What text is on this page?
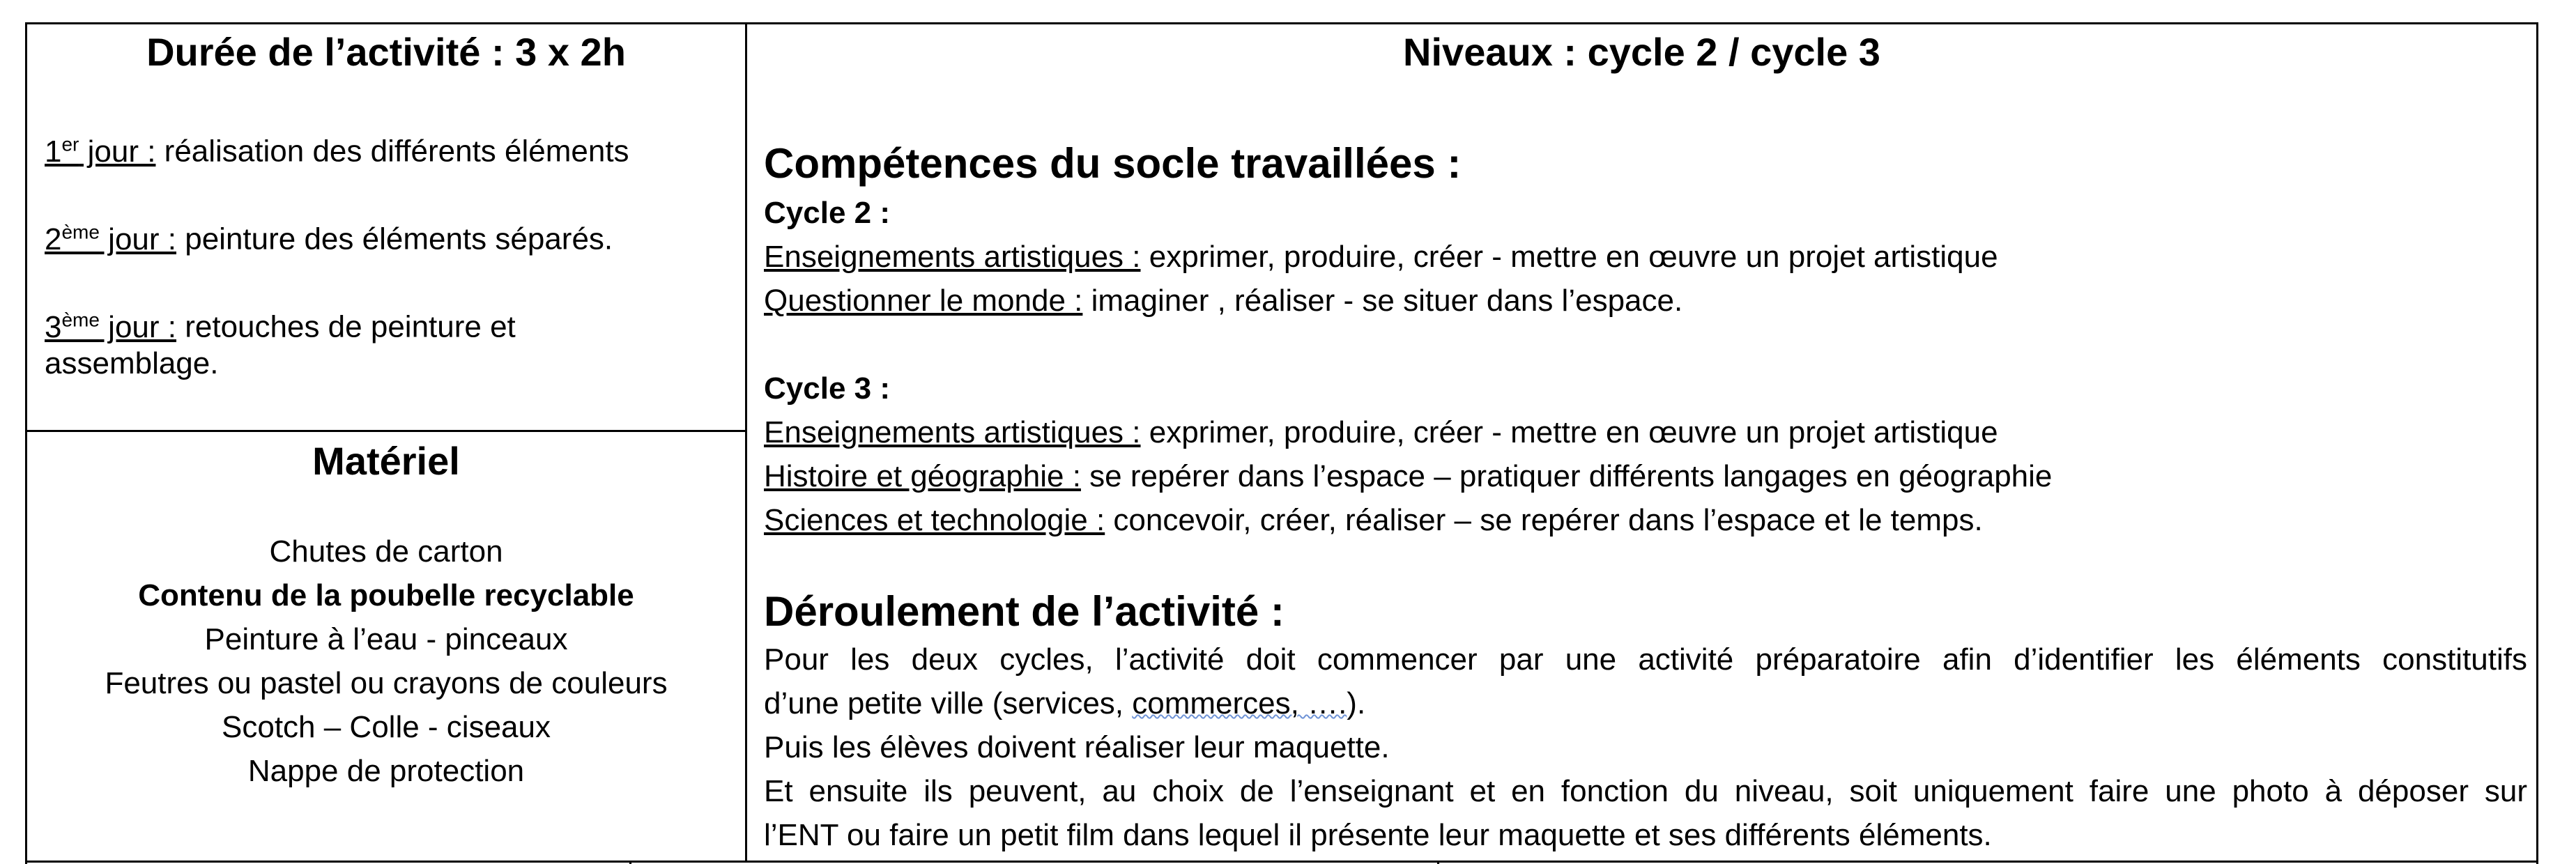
Durée de l’activité : 3 x 2h
1er jour : réalisation des différents éléments
2ème jour : peinture des éléments séparés.
3ème jour : retouches de peinture et
assemblage.
Matériel
Chutes de carton
Contenu de la poubelle recyclable
Peinture à l’eau - pinceaux
Feutres ou pastel ou crayons de couleurs
Scotch – Colle - ciseaux
Nappe de protection
Niveaux : cycle 2 / cycle 3
Compétences du socle travaillées :
Cycle 2 :
Enseignements artistiques : exprimer, produire, créer - mettre en œuvre un projet artistique
Questionner le monde : imaginer , réaliser - se situer dans l’espace.

Cycle 3 :
Enseignements artistiques : exprimer, produire, créer - mettre en œuvre un projet artistique
Histoire et géographie : se repérer dans l’espace – pratiquer différents langages en géographie
Sciences et technologie : concevoir, créer, réaliser – se repérer dans l’espace et le temps.
Déroulement de l’activité :
Pour les deux cycles, l’activité doit commencer par une activité préparatoire afin d’identifier les éléments constitutifs
d’une petite ville (services, commerces, ….).
Puis les élèves doivent réaliser leur maquette.
Et ensuite ils peuvent, au choix de l’enseignant et en fonction du niveau, soit uniquement faire une photo à déposer sur
l’ENT ou faire un petit film dans lequel il présente leur maquette et ses différents éléments.
